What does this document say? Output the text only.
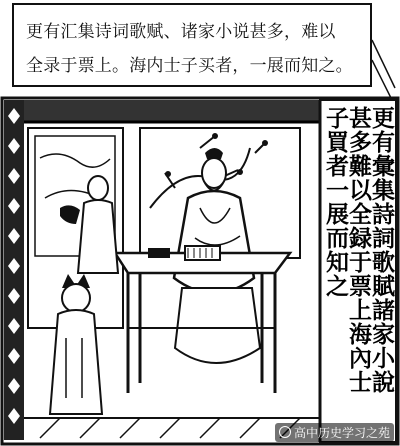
更有彙集詩詞歌賦諸家小說
甚多難以全録于票上海內士
子買者一展而知之
更有汇集诗词歌赋、诸家小说甚多，难以
全录于票上。海内士子买者，一展而知之。
高中历史学习之苑
